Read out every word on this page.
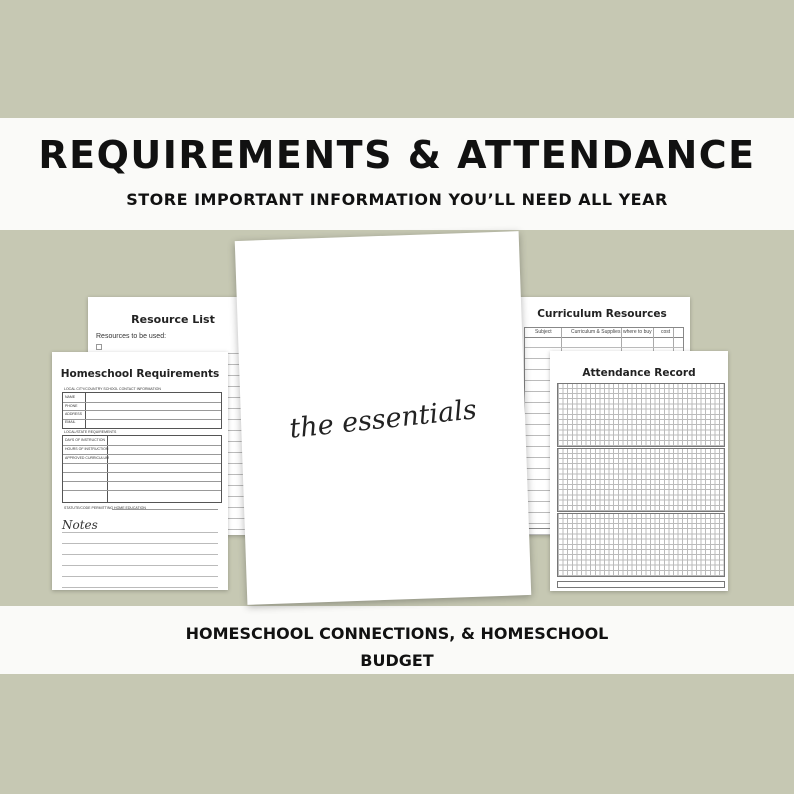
REQUIREMENTS & ATTENDANCE
STORE IMPORTANT INFORMATION YOU’LL NEED ALL YEAR
HOMESCHOOL CONNECTIONS, & HOMESCHOOL
BUDGET
Resource List
Resources to be used:
Homeschool Requirements
LOCAL CITY/COUNTRY SCHOOL CONTACT INFORMATION
NAME
PHONE
ADDRESS
EMAIL
LOCAL/STATE REQUIREMENTS
DAYS OF INSTRUCTION
HOURS OF INSTRUCTION
APPROVED CURRICULUM
STATUTE/CODE PERMITTING HOME EDUCATION
Notes
Curriculum Resources
Subject	Curriculum & Supplies where to buy cost
Attendance Record
the essentials
